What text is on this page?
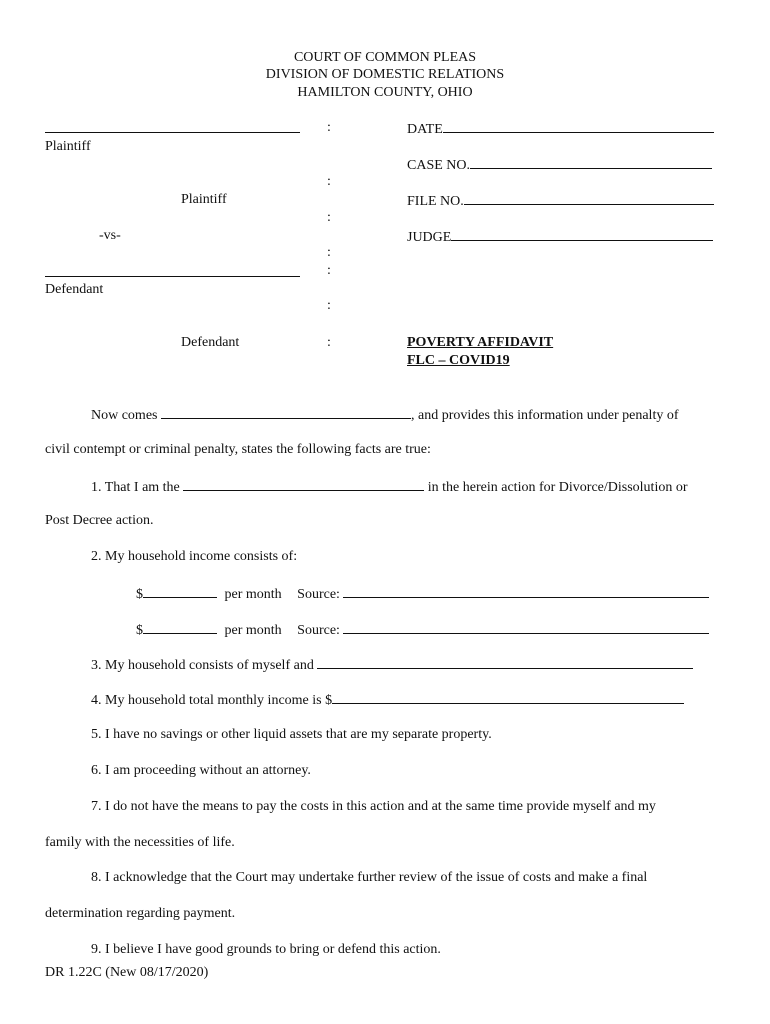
COURT OF COMMON PLEAS
DIVISION OF DOMESTIC RELATIONS
HAMILTON COUNTY, OHIO
Plaintiff
Plaintiff
-vs-
Defendant
Defendant
:
:
:
:
:
:
:
DATE
CASE NO.
FILE NO.
JUDGE
POVERTY AFFIDAVIT
FLC – COVID19
Now comes	, and provides this information under penalty of
civil contempt or criminal penalty, states the following facts are true:
1. That I am the	in the herein action for Divorce/Dissolution or
Post Decree action.
2. My household income consists of:
$	per month Source:
$	per month Source:
3. My household consists of myself and
4. My household total monthly income is $
5. I have no savings or other liquid assets that are my separate property.
6. I am proceeding without an attorney.
7. I do not have the means to pay the costs in this action and at the same time provide myself and my
family with the necessities of life.
8. I acknowledge that the Court may undertake further review of the issue of costs and make a final
determination regarding payment.
9. I believe I have good grounds to bring or defend this action.
DR 1.22C (New 08/17/2020)
